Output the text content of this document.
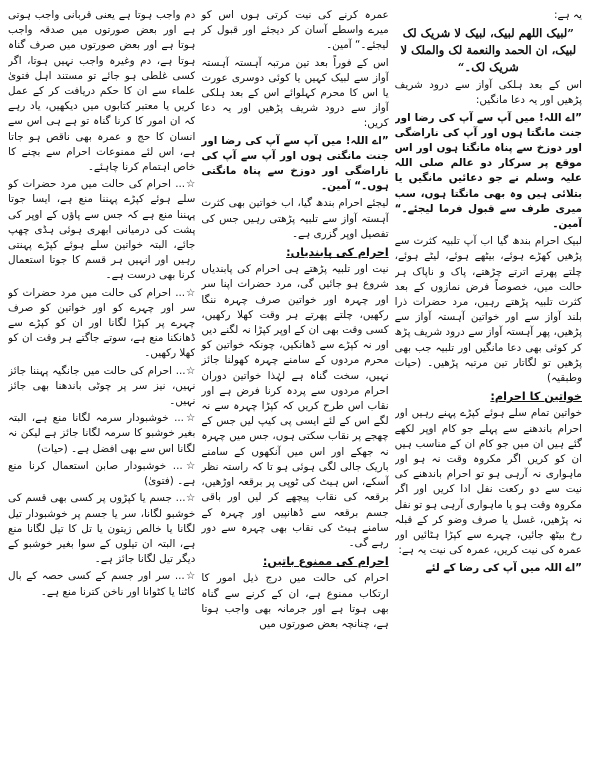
یہ ہے:

”لبیک اللھم لبیک، لبیک لا شریک لک لبیک، ان الحمد والنعمة لک والملک لا شریک لک۔“

اس کے بعد ہلکی آواز سے درود شریف پڑھیں اور یہ دعا مانگیں:

”اے اللہ! میں آپ سے آپ کی رضا اور جنت مانگتا ہوں اور آپ کی ناراضگی اور دوزخ سے پناہ مانگتا ہوں اور اس موقع پر سرکار دو عالم صلی اللہ علیہ وسلم نے جو دعائیں مانگیں یا بتلائی ہیں وہ بھی مانگتا ہوں، سب میری طرف سے قبول فرما لیجئے۔“ آمین۔

لبیک احرام بندھ گیا اب آپ تلبیہ کثرت سے پڑھیں کھڑے ہوئے، بیٹھے ہوئے، لیٹے ہوئے، چلتے پھرتے اترتے چڑھتے، پاک و ناپاک ہر حالت میں، خصوصاً فرض نمازوں کے بعد کثرت تلبیہ پڑھتے رہیں، مرد حضرات ذرا بلند آواز سے اور خواتین آہستہ آواز سے پڑھیں، پھر آہستہ آواز سے درود شریف پڑھ کر کوئی بھی دعا مانگیں اور تلبیہ جب بھی پڑھیں تو لگاتار تین مرتبہ پڑھیں۔ (حیات وطبقیہ)

خواتین کا احرام:

خواتین تمام سلے ہوئے کپڑے پہنے رہیں اور احرام باندھنے سے پہلے جو کام اوپر لکھے گئے ہیں ان میں جو کام ان کے مناسب ہیں ان کو کریں اگر مکروہ وقت نہ ہو اور ماہواری نہ آرہی ہو تو احرام باندھنے کی نیت سے دو رکعت نفل ادا کریں اور اگر مکروہ وقت ہو یا ماہواری آرہی ہو تو نفل نہ پڑھیں، غسل یا صرف وضو کر کے قبلہ رخ بیٹھ جائیں، چہرے سے کپڑا ہٹائیں اور عمرہ کی نیت کریں، عمرہ کی نیت یہ ہے:

”اے اللہ میں آپ کی رضا کے لئے

عمرہ کرنے کی نیت کرتی ہوں اس کو میرے واسطے آسان کر دیجئے اور قبول کر لیجئے۔“ آمین۔

اس کے فوراً بعد تین مرتبہ آہستہ آہستہ آواز سے لبیک کہیں یا کوئی دوسری عورت یا اس کا محرم کہلوائے اس کے بعد ہلکی آواز سے درود شریف پڑھیں اور یہ دعا کریں:

”اے اللہ! میں آپ سے آپ کی رضا اور جنت مانگتی ہوں اور آپ سے آپ کی ناراضگی اور دوزخ سے پناہ مانگتی ہوں۔“ آمین۔

لیجئے احرام بندھ گیا، اب خواتین بھی کثرت آہستہ آواز سے تلبیہ پڑھتی رہیں جس کی تفصیل اوپر گزری ہے۔

احرام کی پابندیاں:

نیت اور تلبیہ پڑھتے ہی احرام کی پابندیاں شروع ہو جائیں گی، مرد حضرات اپنا سر اور چہرہ اور خواتین صرف چہرہ ننگا رکھیں، چلتے پھرتے ہر وقت کھلا رکھیں، کسی وقت بھی ان کے اوپر کپڑا نہ لگنے دیں اور نہ کپڑے سے ڈھانکیں، چونکہ خواتین کو محرم مردوں کے سامنے چہرہ کھولنا جائز نہیں، سخت گناہ ہے لہٰذا خواتین دوران احرام مردوں سے پردہ کرنا فرض ہے اور نقاب اس طرح کریں کہ کپڑا چہرہ سے نہ لگے اس کے لئے ایسی پی کیپ لیں جس کے چھجے پر نقاب سکتی ہوں، جس میں چہرہ نہ جھکے اور اس میں آنکھوں کے سامنے باریک جالی لگی ہوئی ہو تا کہ راستہ نظر آسکے، اس ہیٹ کی ٹوپی پر برقعہ اوڑھیں، برقعہ کی نقاب پیچھے کر لیں اور باقی جسم برقعہ سے ڈھانپیں اور چہرہ کے سامنے ہیٹ کی نقاب بھی چہرہ سے دور رہے گی۔

احرام کی ممنوع باتیں:

احرام کی حالت میں درج ذیل امور کا ارتکاب ممنوع ہے، ان کے کرنے سے گناہ بھی ہوتا ہے اور جرمانہ بھی واجب ہوتا ہے، چنانچہ بعض صورتوں میں

دم واجب ہوتا ہے یعنی قربانی واجب ہوتی ہے اور بعض صورتوں میں صدقہ واجب ہوتا ہے اور بعض صورتوں میں صرف گناہ ہوتا ہے، دم وغیرہ واجب نہیں ہوتا، اگر کسی غلطی ہو جائے تو مستند اہل فتویٰ علماء سے ان کا حکم دریافت کر کے عمل کریں یا معتبر کتابوں میں دیکھیں، یاد رہے کہ ان امور کا کرنا گناہ تو ہے ہی اس سے انسان کا حج و عمرہ بھی ناقص ہو جاتا ہے، اس لئے ممنوعات احرام سے بچنے کا خاص اہتمام کرنا چاہئے۔

☆... احرام کی حالت میں مرد حضرات کو سلے ہوئے کپڑے پہننا منع ہے، ایسا جوتا پہننا منع ہے کہ جس سے پاؤں کے اوپر کی پشت کی درمیانی ابھری ہوئی ہڈی چھپ جائے، البتہ خواتین سلے ہوئے کپڑے پہنتی رہیں اور انہیں ہر قسم کا جوتا استعمال کرنا بھی درست ہے۔

☆... احرام کی حالت میں مرد حضرات کو سر اور چہرے کو اور خواتین کو صرف چہرے پر کپڑا لگانا اور ان کو کپڑے سے ڈھانکنا منع ہے، سوتے جاگتے ہر وقت ان کو کھلا رکھیں۔

☆... احرام کی حالت میں جانگیہ پہننا جائز نہیں، نیز سر پر چوٹی باندھنا بھی جائز نہیں۔

☆... خوشبودار سرمہ لگانا منع ہے، البتہ بغیر خوشبو کا سرمہ لگانا جائز ہے لیکن نہ لگانا اس سے بھی افضل ہے۔ (حیات)

☆... خوشبودار صابن استعمال کرنا منع ہے۔ (فتویٰ)

☆... جسم یا کپڑوں پر کسی بھی قسم کی خوشبو لگانا، سر یا جسم پر خوشبودار تیل لگانا یا خالص زیتون یا تل کا تیل لگانا منع ہے، البتہ ان تیلوں کے سوا بغیر خوشبو کے دیگر تیل لگانا جائز ہے۔

☆... سر اور جسم کے کسی حصہ کے بال کاٹنا یا کٹوانا اور ناخن کترنا منع ہے۔
